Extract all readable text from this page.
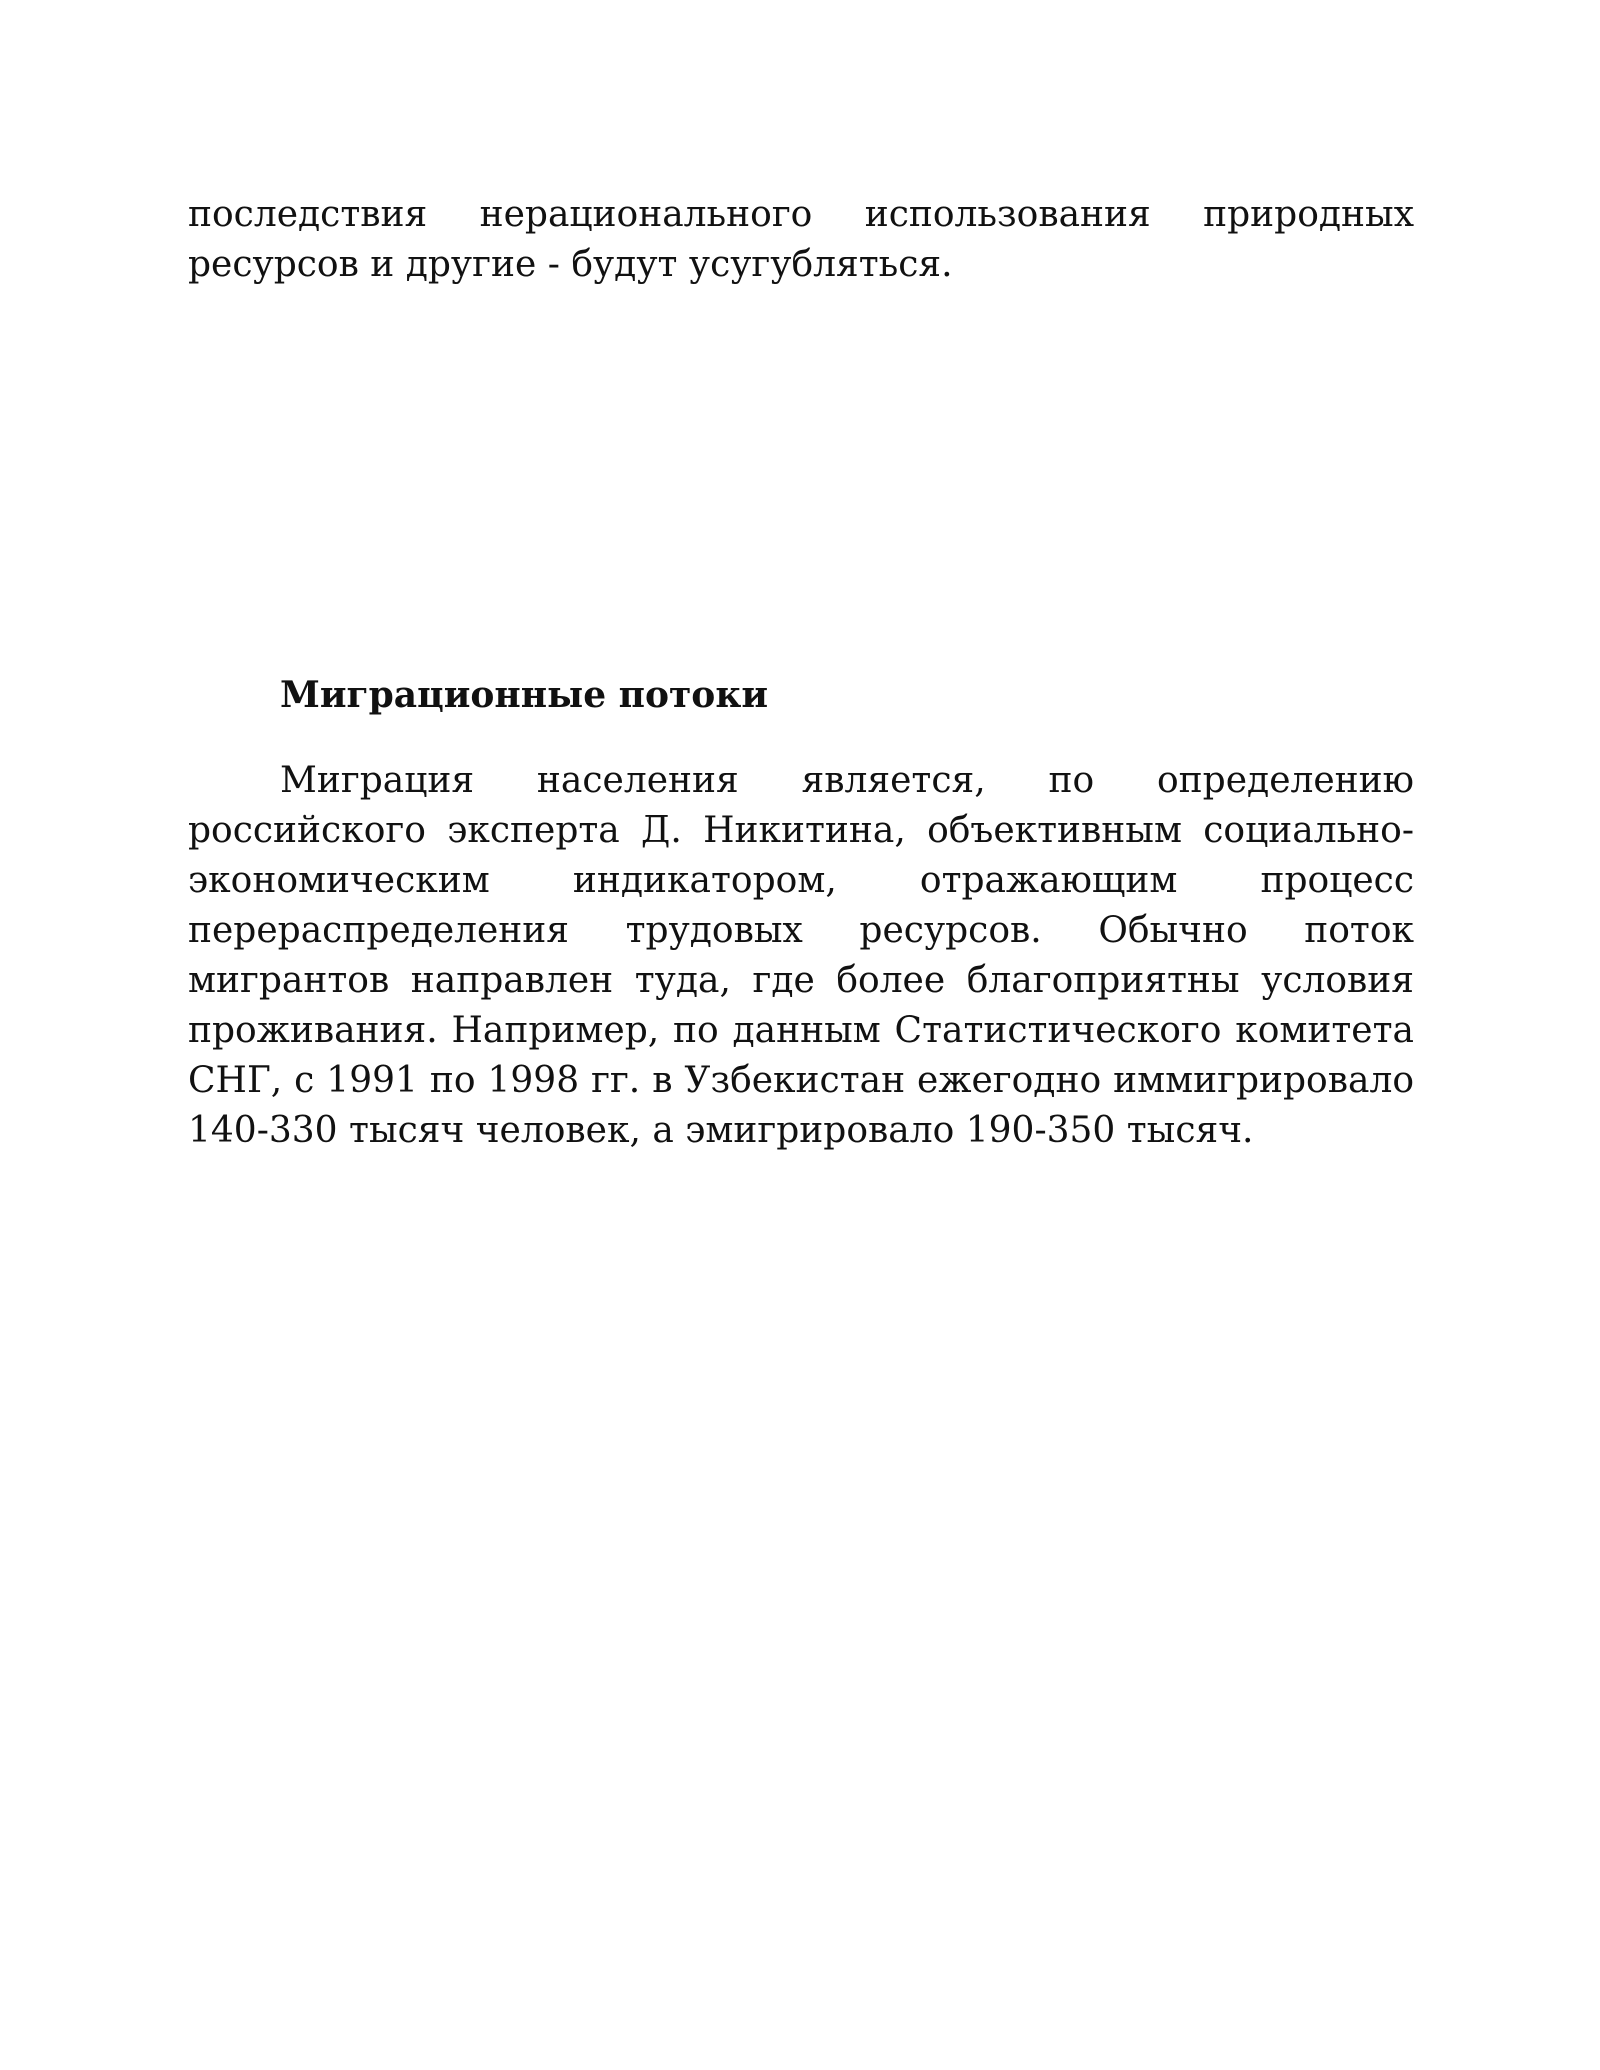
последствия нерационального использования природных ресурсов и другие - будут усугубляться.

Миграционные потоки

Миграция населения является, по определению российского эксперта Д. Никитина, объективным социально-экономическим индикатором, отражающим процесс перераспределения трудовых ресурсов. Обычно поток мигрантов направлен туда, где более благоприятны условия проживания. Например, по данным Статистического комитета СНГ, с 1991 по 1998 гг. в Узбекистан ежегодно иммигрировало 140-330 тысяч человек, а эмигрировало 190-350 тысяч.
